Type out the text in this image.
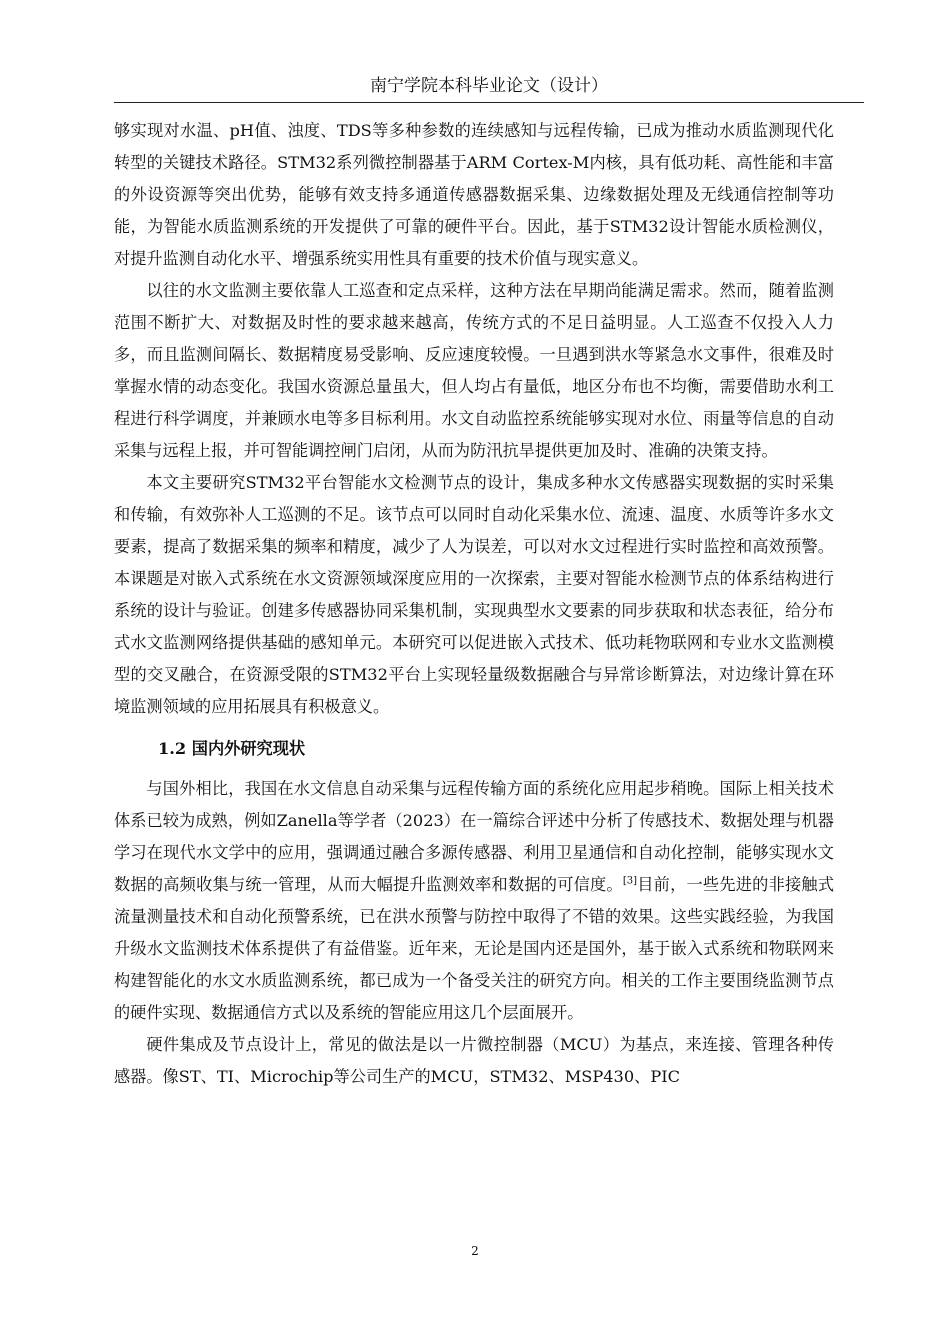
南宁学院本科毕业论文（设计）

够实现对水温、pH值、浊度、TDS等多种参数的连续感知与远程传输，已成为推动水质监测现代化转型的关键技术路径。STM32系列微控制器基于ARM Cortex-M内核，具有低功耗、高性能和丰富的外设资源等突出优势，能够有效支持多通道传感器数据采集、边缘数据处理及无线通信控制等功能，为智能水质监测系统的开发提供了可靠的硬件平台。因此，基于STM32设计智能水质检测仪，对提升监测自动化水平、增强系统实用性具有重要的技术价值与现实意义。

以往的水文监测主要依靠人工巡查和定点采样，这种方法在早期尚能满足需求。然而，随着监测范围不断扩大、对数据及时性的要求越来越高，传统方式的不足日益明显。人工巡查不仅投入人力多，而且监测间隔长、数据精度易受影响、反应速度较慢。一旦遇到洪水等紧急水文事件，很难及时掌握水情的动态变化。我国水资源总量虽大，但人均占有量低，地区分布也不均衡，需要借助水利工程进行科学调度，并兼顾水电等多目标利用。水文自动监控系统能够实现对水位、雨量等信息的自动采集与远程上报，并可智能调控闸门启闭，从而为防汛抗旱提供更加及时、准确的决策支持。

本文主要研究STM32平台智能水文检测节点的设计，集成多种水文传感器实现数据的实时采集和传输，有效弥补人工巡测的不足。该节点可以同时自动化采集水位、流速、温度、水质等许多水文要素，提高了数据采集的频率和精度，减少了人为误差，可以对水文过程进行实时监控和高效预警。本课题是对嵌入式系统在水文资源领域深度应用的一次探索，主要对智能水检测节点的体系结构进行系统的设计与验证。创建多传感器协同采集机制，实现典型水文要素的同步获取和状态表征，给分布式水文监测网络提供基础的感知单元。本研究可以促进嵌入式技术、低功耗物联网和专业水文监测模型的交叉融合，在资源受限的STM32平台上实现轻量级数据融合与异常诊断算法，对边缘计算在环境监测领域的应用拓展具有积极意义。

1.2 国内外研究现状

与国外相比，我国在水文信息自动采集与远程传输方面的系统化应用起步稍晚。国际上相关技术体系已较为成熟，例如Zanella等学者（2023）在一篇综合评述中分析了传感技术、数据处理与机器学习在现代水文学中的应用，强调通过融合多源传感器、利用卫星通信和自动化控制，能够实现水文数据的高频收集与统一管理，从而大幅提升监测效率和数据的可信度。[3]目前，一些先进的非接触式流量测量技术和自动化预警系统，已在洪水预警与防控中取得了不错的效果。这些实践经验，为我国升级水文监测技术体系提供了有益借鉴。近年来，无论是国内还是国外，基于嵌入式系统和物联网来构建智能化的水文水质监测系统，都已成为一个备受关注的研究方向。相关的工作主要围绕监测节点的硬件实现、数据通信方式以及系统的智能应用这几个层面展开。

硬件集成及节点设计上，常见的做法是以一片微控制器（MCU）为基点，来连接、管理各种传感器。像ST、TI、Microchip等公司生产的MCU，STM32、MSP430、PIC

2
